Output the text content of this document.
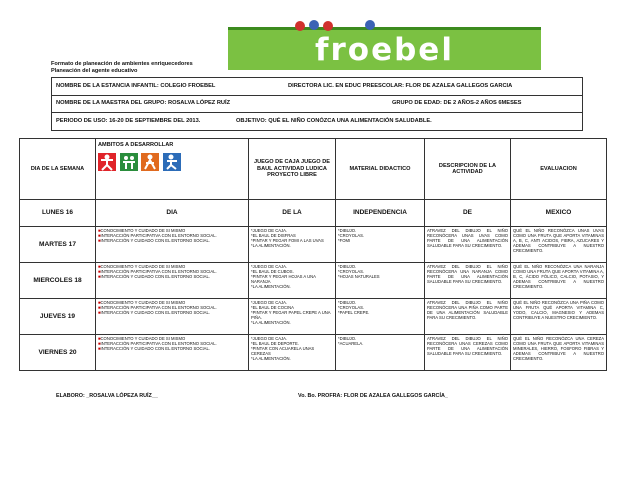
froebel
Formato de planeación de ambientes enriquecedores
Planeación del agente educativo
NOMBRE DE LA ESTANCIA INFANTIL: COLEGIO FROEBEL	DIRECTORA LIC. EN EDUC PREESCOLAR: FLOR DE AZALEA GALLEGOS GARCIA
NOMBRE DE LA MAESTRA DEL GRUPO: ROSALVA LÓPEZ RUÍZ	GRUPO DE EDAD: DE 2 AÑOS-2 AÑOS 6MESES
PERIODO DE USO: 16-20 DE SEPTIEMBRE DEL 2013.	OBJETIVO: QUÉ EL NIÑO CONÓZCA UNA ALIMENTACIÓN SALUDABLE.
DIA DE LA SEMANA	AMBITOS A DESARROLLAR	JUEGO DE CAJA JUEGO DE BAUL ACTIVIDAD LUDICA PROYECTO LIBRE	MATERIAL DIDACTICO	DESCRIPCION DE LA ACTIVIDAD	EVALUACION
LUNES 16	DIA	DE LA	INDEPENDENCIA	DE	MEXICO
MARTES 17	■CONOCIMIENTO Y CUIDADO DE SI MISMO
■INTERACCIÓN PARTICIPATIVA CON EL ENTORNO SOCIAL.
■INTERACCIÓN Y CUIDADO CON EL ENTORNO SOCIAL.	*JUEGO DE CAJA.
*EL BAUL DE DISFRAS
*PINTAR Y PEGAR FOMI A LAS UVAS
*LA ALIMENTACIÓN.	*DIBUJO.
*CROYOLAS.
*FOMI	ATRAVEZ DEL DIBUJO EL NIÑO RECONÓCERA UNAS UVAS COMO PARTE DE UNA ALIMENTACIÓN SALUDABLE PARA SU CRECIMIENTO.	QUÉ EL NIÑO RECONÓZCA UNAS UVAS COMO UNA FRUTA QUE APORTA VITAMINAS A, B, C, ANTI ACIDOS, FIBRA, AZUCARES Y ADEMAS CONTRIBUYE A NUESTRO CRECIMIENTO.
MIERCOLES 18	■CONOCIMIENTO Y CUIDADO DE SI MISMO
■INTERACCIÓN PARTICIPATIVA CON EL ENTORNO SOCIAL.
■INTERACCIÓN Y CUIDADO CON EL ENTORNO SOCIAL.	*JUEGO DE CAJA.
*EL BAUL DE CUBOS.
*PINTAR Y PEGAR HOJAS A UNA NARANJA
*LA ALIMENTACIÓN.	*DIBUJO.
*CROYOLAS.
*HOJAS NATURALES	ATRAVEZ DEL DIBUJO EL NIÑO RECONÓCERA UNA NARANJA COMO PARTE DE UNA ALIMENTACIÓN SALUDABLE PARA SU CRECIMIENTO.	QUÉ EL NIÑO RECONÓZCA UNA NARANJA COMO UNA FRUTA QUE APORTA VITAMINA A, B, C, ÁCIDO FÓLICO, CALCIO, POTASIO, Y ADEMAS CONTRIBUYE A NUESTRO CRECIMIENTO.
JUEVES 19	■CONOCIMIENTO Y CUIDADO DE SI MISMO
■INTERACCIÓN PARTICIPATIVA CON EL ENTORNO SOCIAL.
■INTERACCIÓN Y CUIDADO CON EL ENTORNO SOCIAL.	*JUEGO DE CAJA.
*EL BAUL DE COCINA
*PINTAR Y PEGAR PAPEL CREPE A UNA PIÑA.
*LA ALIMENTACIÓN.	*DIBUJO.
*CROYOLAS.
*PAPEL CREPE.	ATRAVEZ DEL DIBUJO EL NIÑO RECONÓCERA UNA PIÑA COMO PARTE DE UNA ALIMENTACIÓN SALUDABLE PARA SU CRECIMIENTO.	QUÉ EL NIÑO RECONÓZCA UNA PIÑA COMO UNA FRUTA QUÉ APORTA VITAMINA C, YODO, CALCIO, MAGNESIO Y ADEMAS CONTRIBUYE A NUESTRO CRECIMIENTO.
VIERNES 20	■CONOCIMIENTO Y CUIDADO DE SI MISMO
■INTERACCIÓN PARTICIPATIVA CON EL ENTORNO SOCIAL.
■INTERACCIÓN Y CUIDADO CON EL ENTORNO SOCIAL.	*JUEGO DE CAJA.
*EL BAUL DE DEPORTE.
*PINTAR CON ACUARELA UNAS CEREZAS
*LA ALIMENTACIÓN.	*DIBUJO.
*ACUARELA.	ATRAVEZ DEL DIBUJO EL NIÑO RECONÓCERA UNAS CEREZAS COMO PARTE DE UNA ALIMENTACIÓN SALUDABLE PARA SU CRECIMIENTO.	QUÉ EL NIÑO RECONÓZCA UNA CEREZA COMO UNA FRUTA QUE APORTA VITAMINAS MINERALES, HIERRO, FOSFORO FIBRAS Y ADEMAS CONTRIBUYE A NUESTRO CRECIMIENTO.
ELABORO: _ROSALVA LÓPEZA RUÍZ__	Vo. Bo. PROFRA: FLOR DE AZALEA GALLEGOS GARCÍA_
